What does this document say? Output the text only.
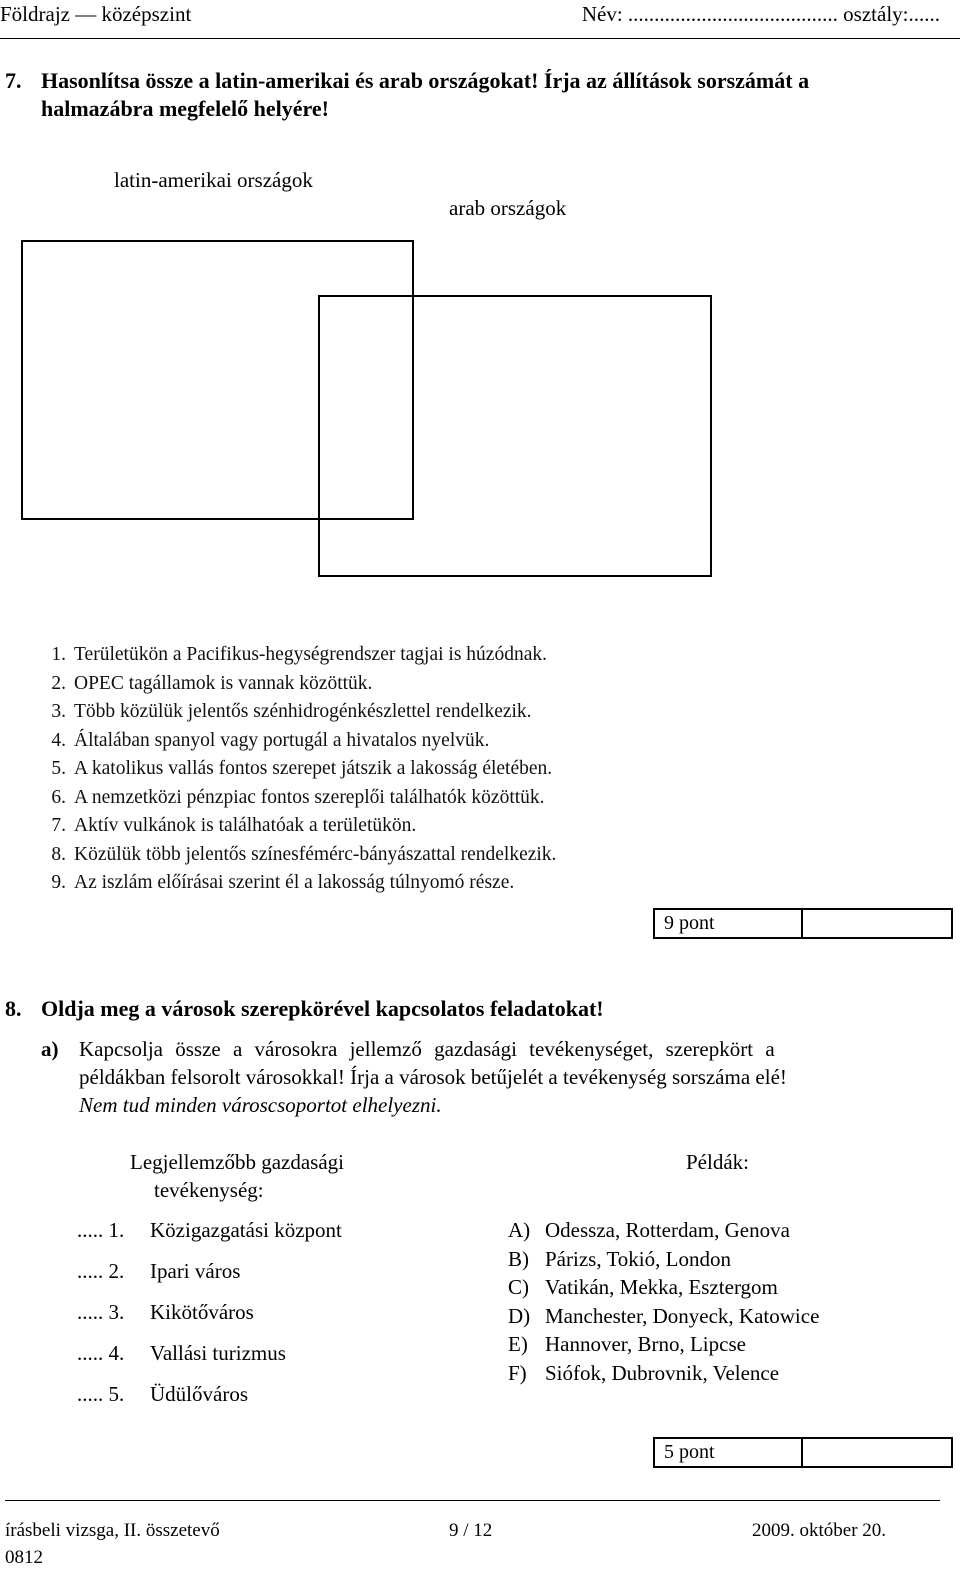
Földrajz — középszint	Név: ........................................ osztály:......
7. Hasonlítsa össze a latin-amerikai és arab országokat! Írja az állítások sorszámát a
halmazábra megfelelő helyére!
latin-amerikai országok
arab országok
1. Területükön a Pacifikus-hegységrendszer tagjai is húzódnak.
2. OPEC tagállamok is vannak közöttük.
3. Több közülük jelentős szénhidrogénkészlettel rendelkezik.
4. Általában spanyol vagy portugál a hivatalos nyelvük.
5. A katolikus vallás fontos szerepet játszik a lakosság életében.
6. A nemzetközi pénzpiac fontos szereplői találhatók közöttük.
7. Aktív vulkánok is találhatóak a területükön.
8. Közülük több jelentős színesfémérc-bányászattal rendelkezik.
9. Az iszlám előírásai szerint él a lakosság túlnyomó része.
9 pont
8. Oldja meg a városok szerepkörével kapcsolatos feladatokat!
a) Kapcsolja össze a városokra jellemző gazdasági tevékenységet, szerepkört a
példákban felsorolt városokkal! Írja a városok betűjelét a tevékenység sorszáma elé!
Nem tud minden városcsoportot elhelyezni.
Legjellemzőbb gazdasági
tevékenység:
Példák:
..... 1. Közigazgatási központ
..... 2. Ipari város
..... 3. Kikötőváros
..... 4. Vallási turizmus
..... 5. Üdülőváros
A) Odessza, Rotterdam, Genova
B) Párizs, Tokió, London
C) Vatikán, Mekka, Esztergom
D) Manchester, Donyeck, Katowice
E) Hannover, Brno, Lipcse
F) Siófok, Dubrovnik, Velence
5 pont
írásbeli vizsga, II. összetevő
0812
9 / 12	2009. október 20.
